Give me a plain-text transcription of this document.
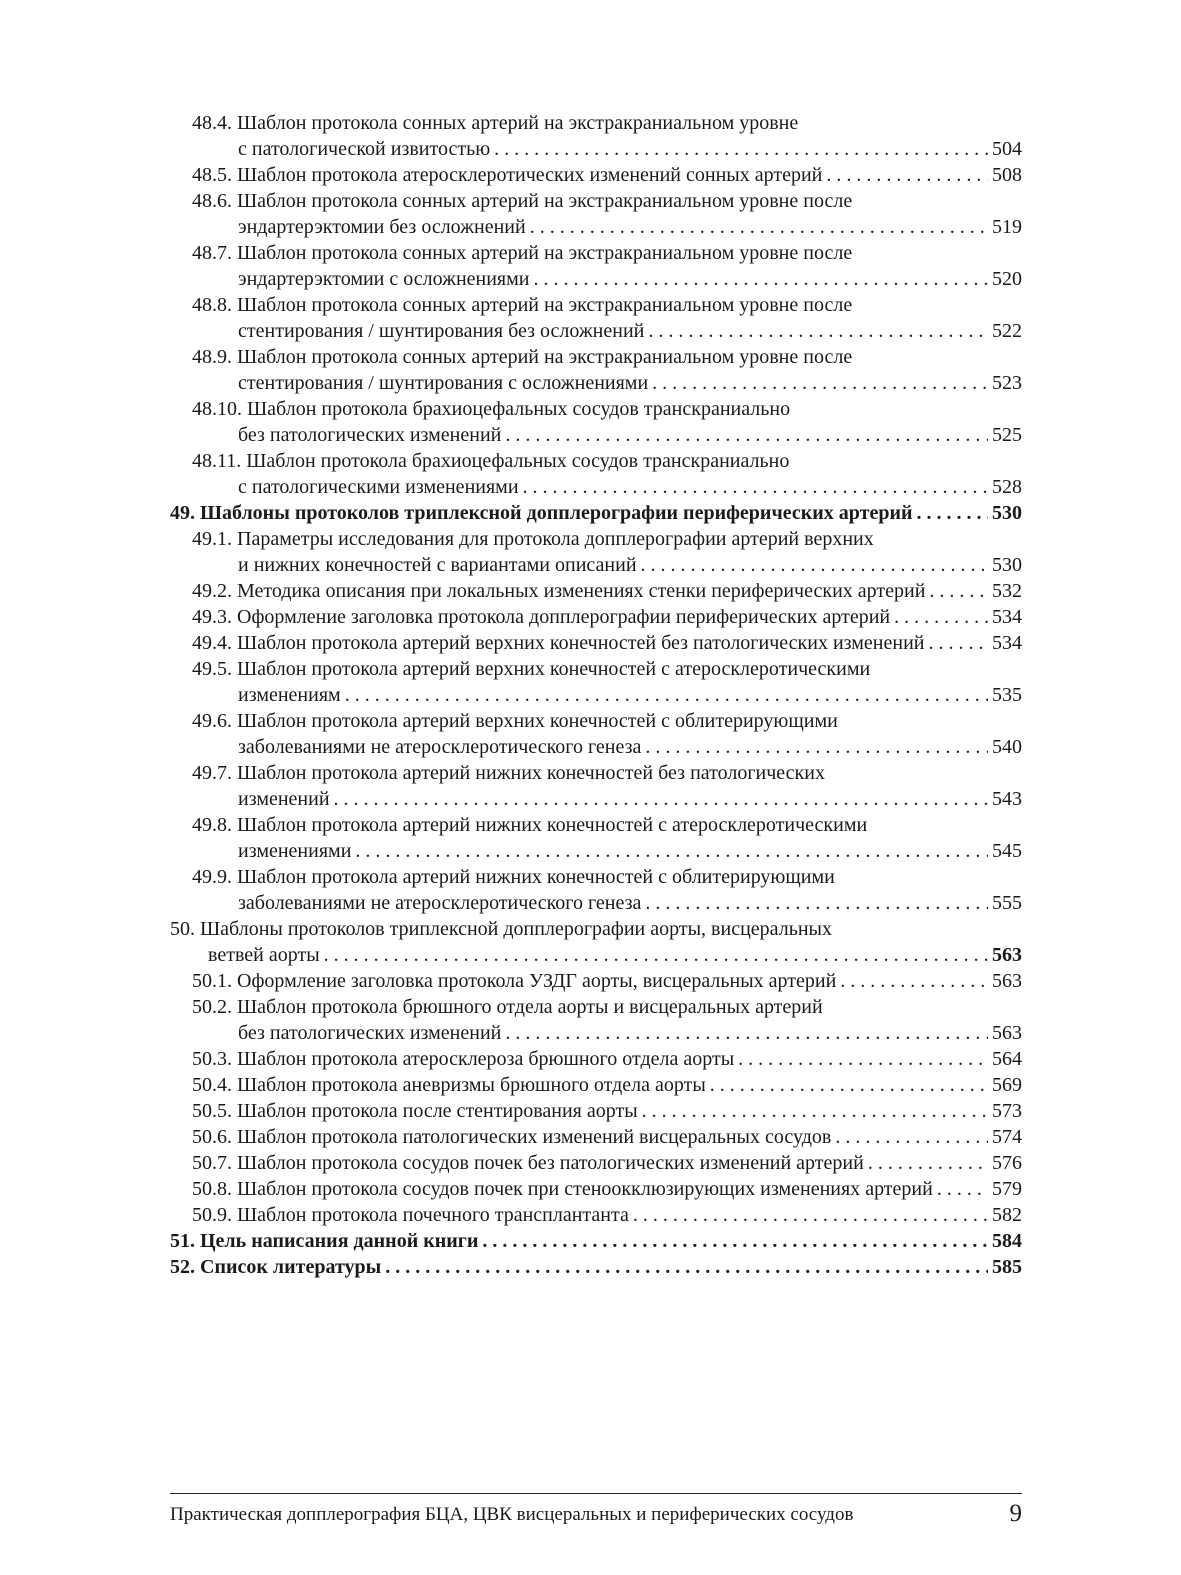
48.4. Шаблон протокола сонных артерий на экстракраниальном уровне
с патологической извитостью . . .	504
48.5. Шаблон протокола атеросклеротических изменений сонных артерий . . .	508
48.6. Шаблон протокола сонных артерий на экстракраниальном уровне после
эндартерэктомии без осложнений . . .	519
48.7. Шаблон протокола сонных артерий на экстракраниальном уровне после
эндартерэктомии с осложнениями . . .	520
48.8. Шаблон протокола сонных артерий на экстракраниальном уровне после
стентирования / шунтирования без осложнений . . .	522
48.9. Шаблон протокола сонных артерий на экстракраниальном уровне после
стентирования / шунтирования с осложнениями . . .	523
48.10. Шаблон протокола брахиоцефальных сосудов транскраниально
без патологических изменений . . .	525
48.11. Шаблон протокола брахиоцефальных сосудов транскраниально
с патологическими изменениями . . .	528
49. Шаблоны протоколов триплексной допплерографии периферических артерий . . .	530
49.1. Параметры исследования для протокола допплерографии артерий верхних
и нижних конечностей с вариантами описаний . . .	530
49.2. Методика описания при локальных изменениях стенки периферических артерий . . .	532
49.3. Оформление заголовка протокола допплерографии периферических артерий . . .	534
49.4. Шаблон протокола артерий верхних конечностей без патологических изменений . . .	534
49.5. Шаблон протокола артерий верхних конечностей с атеросклеротическими
изменениям . . .	535
49.6. Шаблон протокола артерий верхних конечностей с облитерирующими
заболеваниями не атеросклеротического генеза . . .	540
49.7. Шаблон протокола артерий нижних конечностей без патологических
изменений . . .	543
49.8. Шаблон протокола артерий нижних конечностей с атеросклеротическими
изменениями . . .	545
49.9. Шаблон протокола артерий нижних конечностей с облитерирующими
заболеваниями не атеросклеротического генеза . . .	555
50. Шаблоны протоколов триплексной допплерографии аорты, висцеральных
ветвей аорты . . .	563
50.1. Оформление заголовка протокола УЗДГ аорты, висцеральных артерий . . .	563
50.2. Шаблон протокола брюшного отдела аорты и висцеральных артерий
без патологических изменений . . .	563
50.3. Шаблон протокола атеросклероза брюшного отдела аорты . . .	564
50.4. Шаблон протокола аневризмы брюшного отдела аорты . . .	569
50.5. Шаблон протокола после стентирования аорты . . .	573
50.6. Шаблон протокола патологических изменений висцеральных сосудов . . .	574
50.7. Шаблон протокола сосудов почек без патологических изменений артерий . . .	576
50.8. Шаблон протокола сосудов почек при стеноокклюзирующих изменениях артерий . . .	579
50.9. Шаблон протокола почечного трансплантанта . . .	582
51. Цель написания данной книги . . .	584
52. Список литературы . . .	585
Практическая допплерография БЦА, ЦВК висцеральных и периферических сосудов	9
